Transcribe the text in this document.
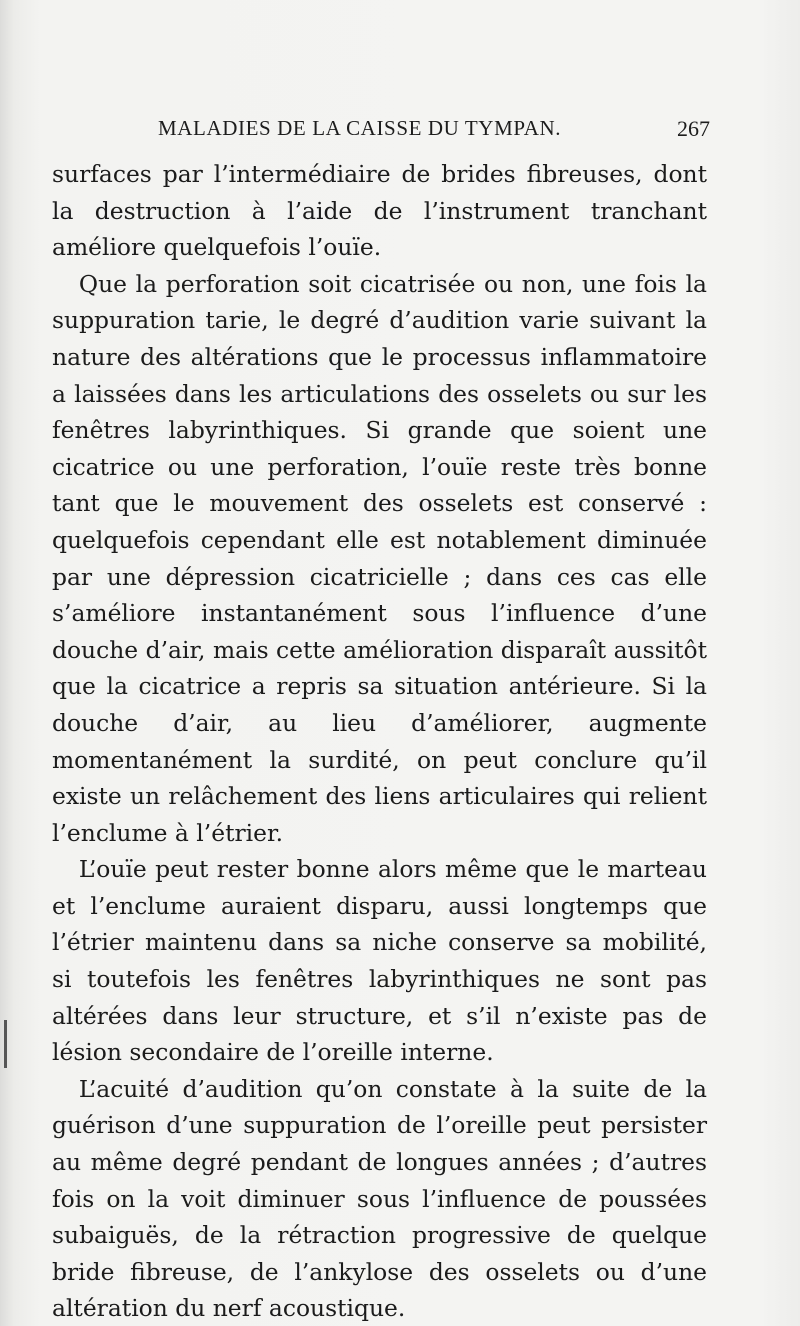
MALADIES DE LA CAISSE DU TYMPAN.	267

surfaces par l’intermédiaire de brides fibreuses, dont la destruction à l’aide de l’instrument tranchant améliore quelquefois l’ouïe.

Que la perforation soit cicatrisée ou non, une fois la suppuration tarie, le degré d’audition varie suivant la nature des altérations que le processus inflammatoire a laissées dans les articulations des osselets ou sur les fenêtres labyrinthiques. Si grande que soient une cicatrice ou une perforation, l’ouïe reste très bonne tant que le mouvement des osselets est conservé : quelquefois cependant elle est notablement diminuée par une dépression cicatricielle ; dans ces cas elle s’améliore instantanément sous l’influence d’une douche d’air, mais cette amélioration disparaît aussitôt que la cicatrice a repris sa situation antérieure. Si la douche d’air, au lieu d’améliorer, augmente momentanément la surdité, on peut conclure qu’il existe un relâchement des liens articulaires qui relient l’enclume à l’étrier.

L’ouïe peut rester bonne alors même que le marteau et l’enclume auraient disparu, aussi longtemps que l’étrier maintenu dans sa niche conserve sa mobilité, si toutefois les fenêtres labyrinthiques ne sont pas altérées dans leur structure, et s’il n’existe pas de lésion secondaire de l’oreille interne.

L’acuité d’audition qu’on constate à la suite de la guérison d’une suppuration de l’oreille peut persister au même degré pendant de longues années ; d’autres fois on la voit diminuer sous l’influence de poussées subaiguës, de la rétraction progressive de quelque bride fibreuse, de l’ankylose des osselets ou d’une altération du nerf acoustique.
